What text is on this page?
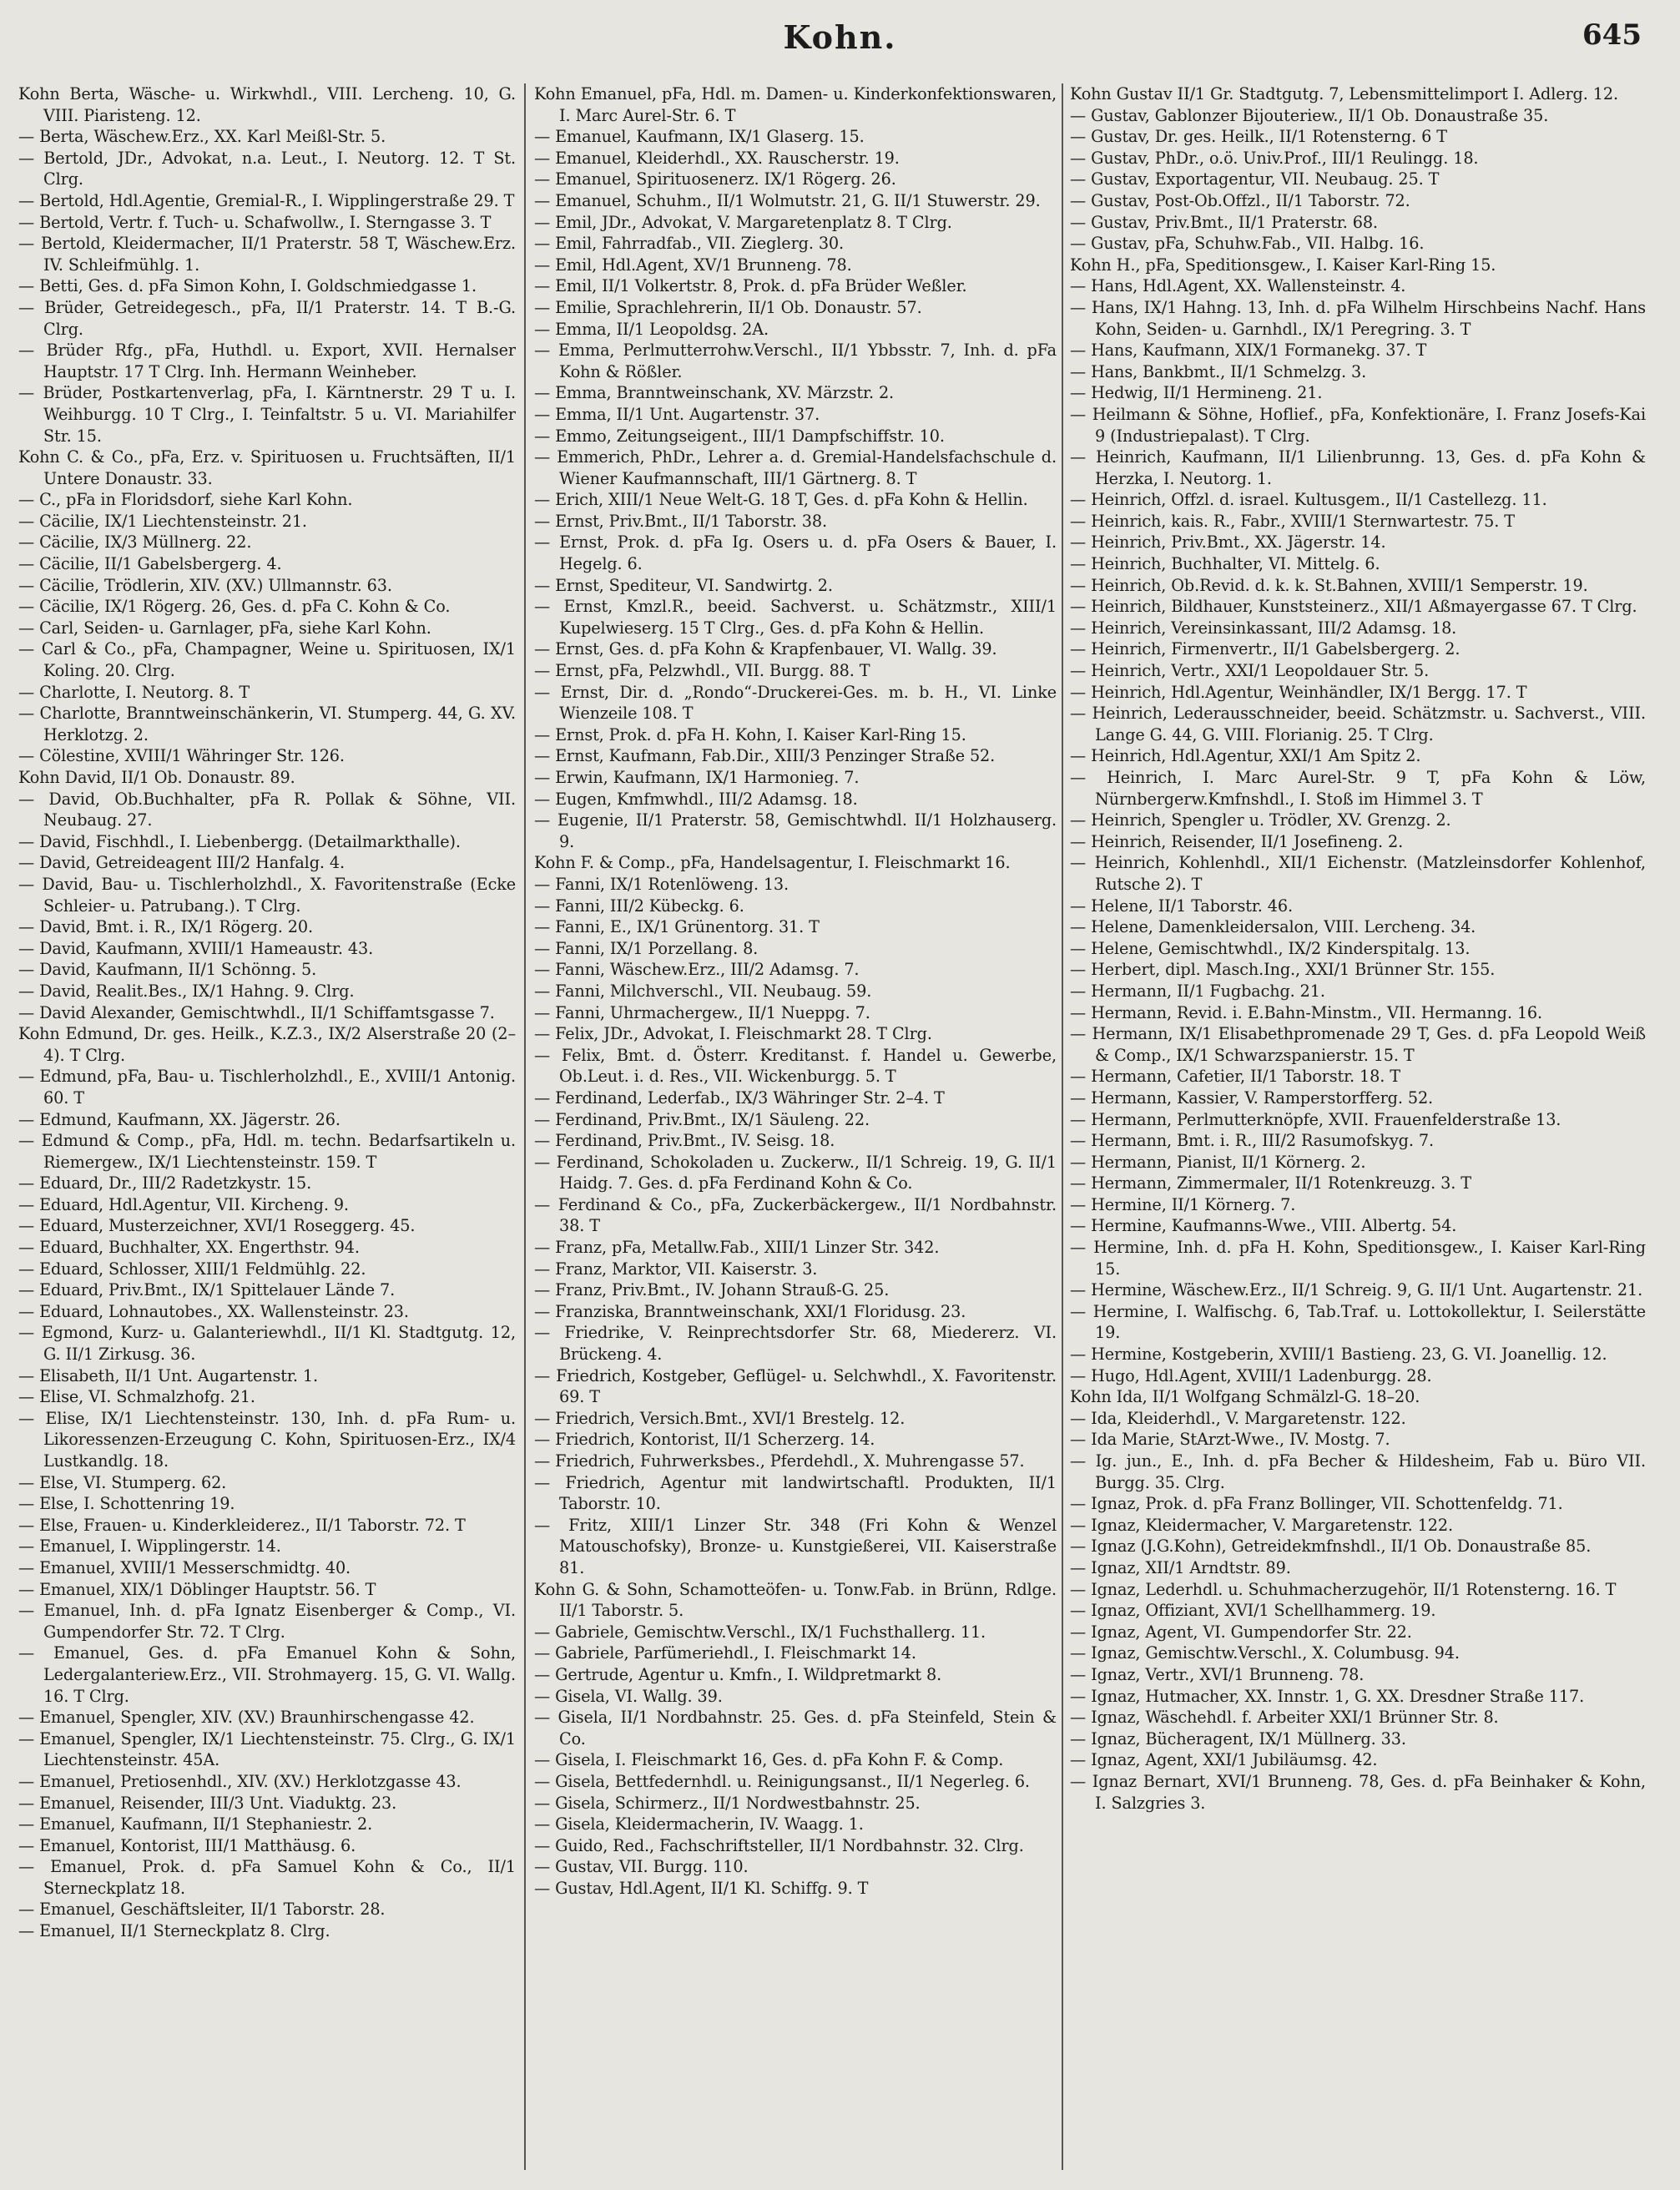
Kohn.	645

Kohn Berta, Wäsche- u. Wirkwhdl., VIII. Lercheng. 10, G. VIII. Piaristeng. 12.

— Berta, Wäschew.Erz., XX. Karl Meißl-Str. 5.

— Bertold, JDr., Advokat, n.a. Leut., I. Neutorg. 12. T St. Clrg.

— Bertold, Hdl.Agentie, Gremial-R., I. Wipplingerstraße 29. T

— Bertold, Vertr. f. Tuch- u. Schafwollw., I. Sterngasse 3. T

— Bertold, Kleidermacher, II/1 Praterstr. 58 T, Wäschew.Erz. IV. Schleifmühlg. 1.

— Betti, Ges. d. pFa Simon Kohn, I. Goldschmiedgasse 1.

— Brüder, Getreidegesch., pFa, II/1 Praterstr. 14. T B.-G. Clrg.

— Brüder Rfg., pFa, Huthdl. u. Export, XVII. Hernalser Hauptstr. 17 T Clrg. Inh. Hermann Weinheber.

— Brüder, Postkartenverlag, pFa, I. Kärntnerstr. 29 T u. I. Weihburgg. 10 T Clrg., I. Teinfaltstr. 5 u. VI. Mariahilfer Str. 15.

Kohn C. & Co., pFa, Erz. v. Spirituosen u. Fruchtsäften, II/1 Untere Donaustr. 33.

— C., pFa in Floridsdorf, siehe Karl Kohn.

— Cäcilie, IX/1 Liechtensteinstr. 21.

— Cäcilie, IX/3 Müllnerg. 22.

— Cäcilie, II/1 Gabelsbergerg. 4.

— Cäcilie, Trödlerin, XIV. (XV.) Ullmannstr. 63.

— Cäcilie, IX/1 Rögerg. 26, Ges. d. pFa C. Kohn & Co.

— Carl, Seiden- u. Garnlager, pFa, siehe Karl Kohn.

— Carl & Co., pFa, Champagner, Weine u. Spirituosen, IX/1 Koling. 20. Clrg.

— Charlotte, I. Neutorg. 8. T

— Charlotte, Branntweinschänkerin, VI. Stumperg. 44, G. XV. Herklotzg. 2.

— Cölestine, XVIII/1 Währinger Str. 126.

Kohn David, II/1 Ob. Donaustr. 89.

— David, Ob.Buchhalter, pFa R. Pollak & Söhne, VII. Neubaug. 27.

— David, Fischhdl., I. Liebenbergg. (Detailmarkthalle).

— David, Getreideagent III/2 Hanfalg. 4.

— David, Bau- u. Tischlerholzhdl., X. Favoritenstraße (Ecke Schleier- u. Patrubang.). T Clrg.

— David, Bmt. i. R., IX/1 Rögerg. 20.

— David, Kaufmann, XVIII/1 Hameaustr. 43.

— David, Kaufmann, II/1 Schönng. 5.

— David, Realit.Bes., IX/1 Hahng. 9. Clrg.

— David Alexander, Gemischtwhdl., II/1 Schiffamtsgasse 7.

Kohn Edmund, Dr. ges. Heilk., K.Z.3., IX/2 Alserstraße 20 (2–4). T Clrg.

— Edmund, pFa, Bau- u. Tischlerholzhdl., E., XVIII/1 Antonig. 60. T

— Edmund, Kaufmann, XX. Jägerstr. 26.

— Edmund & Comp., pFa, Hdl. m. techn. Bedarfsartikeln u. Riemergew., IX/1 Liechtensteinstr. 159. T

— Eduard, Dr., III/2 Radetzkystr. 15.

— Eduard, Hdl.Agentur, VII. Kircheng. 9.

— Eduard, Musterzeichner, XVI/1 Roseggerg. 45.

— Eduard, Buchhalter, XX. Engerthstr. 94.

— Eduard, Schlosser, XIII/1 Feldmühlg. 22.

— Eduard, Priv.Bmt., IX/1 Spittelauer Lände 7.

— Eduard, Lohnautobes., XX. Wallensteinstr. 23.

— Egmond, Kurz- u. Galanteriewhdl., II/1 Kl. Stadtgutg. 12, G. II/1 Zirkusg. 36.

— Elisabeth, II/1 Unt. Augartenstr. 1.

— Elise, VI. Schmalzhofg. 21.

— Elise, IX/1 Liechtensteinstr. 130, Inh. d. pFa Rum- u. Likoressenzen-Erzeugung C. Kohn, Spirituosen-Erz., IX/4 Lustkandlg. 18.

— Else, VI. Stumperg. 62.

— Else, I. Schottenring 19.

— Else, Frauen- u. Kinderkleiderez., II/1 Taborstr. 72. T

— Emanuel, I. Wipplingerstr. 14.

— Emanuel, XVIII/1 Messerschmidtg. 40.

— Emanuel, XIX/1 Döblinger Hauptstr. 56. T

— Emanuel, Inh. d. pFa Ignatz Eisenberger & Comp., VI. Gumpendorfer Str. 72. T Clrg.

— Emanuel, Ges. d. pFa Emanuel Kohn & Sohn, Ledergalanteriew.Erz., VII. Strohmayerg. 15, G. VI. Wallg. 16. T Clrg.

— Emanuel, Spengler, XIV. (XV.) Braunhirschengasse 42.

— Emanuel, Spengler, IX/1 Liechtensteinstr. 75. Clrg., G. IX/1 Liechtensteinstr. 45A.

— Emanuel, Pretiosenhdl., XIV. (XV.) Herklotzgasse 43.

— Emanuel, Reisender, III/3 Unt. Viaduktg. 23.

— Emanuel, Kaufmann, II/1 Stephaniestr. 2.

— Emanuel, Kontorist, III/1 Matthäusg. 6.

— Emanuel, Prok. d. pFa Samuel Kohn & Co., II/1 Sterneckplatz 18.

— Emanuel, Geschäftsleiter, II/1 Taborstr. 28.

— Emanuel, II/1 Sterneckplatz 8. Clrg.

Kohn Emanuel, pFa, Hdl. m. Damen- u. Kinderkonfektionswaren, I. Marc Aurel-Str. 6. T

— Emanuel, Kaufmann, IX/1 Glaserg. 15.

— Emanuel, Kleiderhdl., XX. Rauscherstr. 19.

— Emanuel, Spirituosenerz. IX/1 Rögerg. 26.

— Emanuel, Schuhm., II/1 Wolmutstr. 21, G. II/1 Stuwerstr. 29.

— Emil, JDr., Advokat, V. Margaretenplatz 8. T Clrg.

— Emil, Fahrradfab., VII. Zieglerg. 30.

— Emil, Hdl.Agent, XV/1 Brunneng. 78.

— Emil, II/1 Volkertstr. 8, Prok. d. pFa Brüder Weßler.

— Emilie, Sprachlehrerin, II/1 Ob. Donaustr. 57.

— Emma, II/1 Leopoldsg. 2A.

— Emma, Perlmutterrohw.Verschl., II/1 Ybbsstr. 7, Inh. d. pFa Kohn & Rößler.

— Emma, Branntweinschank, XV. Märzstr. 2.

— Emma, II/1 Unt. Augartenstr. 37.

— Emmo, Zeitungseigent., III/1 Dampfschiffstr. 10.

— Emmerich, PhDr., Lehrer a. d. Gremial-Handelsfachschule d. Wiener Kaufmannschaft, III/1 Gärtnerg. 8. T

— Erich, XIII/1 Neue Welt-G. 18 T, Ges. d. pFa Kohn & Hellin.

— Ernst, Priv.Bmt., II/1 Taborstr. 38.

— Ernst, Prok. d. pFa Ig. Osers u. d. pFa Osers & Bauer, I. Hegelg. 6.

— Ernst, Spediteur, VI. Sandwirtg. 2.

— Ernst, Kmzl.R., beeid. Sachverst. u. Schätzmstr., XIII/1 Kupelwieserg. 15 T Clrg., Ges. d. pFa Kohn & Hellin.

— Ernst, Ges. d. pFa Kohn & Krapfenbauer, VI. Wallg. 39.

— Ernst, pFa, Pelzwhdl., VII. Burgg. 88. T

— Ernst, Dir. d. „Rondo“-Druckerei-Ges. m. b. H., VI. Linke Wienzeile 108. T

— Ernst, Prok. d. pFa H. Kohn, I. Kaiser Karl-Ring 15.

— Ernst, Kaufmann, Fab.Dir., XIII/3 Penzinger Straße 52.

— Erwin, Kaufmann, IX/1 Harmonieg. 7.

— Eugen, Kmfmwhdl., III/2 Adamsg. 18.

— Eugenie, II/1 Praterstr. 58, Gemischtwhdl. II/1 Holzhauserg. 9.

Kohn F. & Comp., pFa, Handelsagentur, I. Fleischmarkt 16.

— Fanni, IX/1 Rotenlöweng. 13.

— Fanni, III/2 Kübeckg. 6.

— Fanni, E., IX/1 Grünentorg. 31. T

— Fanni, IX/1 Porzellang. 8.

— Fanni, Wäschew.Erz., III/2 Adamsg. 7.

— Fanni, Milchverschl., VII. Neubaug. 59.

— Fanni, Uhrmachergew., II/1 Nueppg. 7.

— Felix, JDr., Advokat, I. Fleischmarkt 28. T Clrg.

— Felix, Bmt. d. Österr. Kreditanst. f. Handel u. Gewerbe, Ob.Leut. i. d. Res., VII. Wickenburgg. 5. T

— Ferdinand, Lederfab., IX/3 Währinger Str. 2–4. T

— Ferdinand, Priv.Bmt., IX/1 Säuleng. 22.

— Ferdinand, Priv.Bmt., IV. Seisg. 18.

— Ferdinand, Schokoladen u. Zuckerw., II/1 Schreig. 19, G. II/1 Haidg. 7. Ges. d. pFa Ferdinand Kohn & Co.

— Ferdinand & Co., pFa, Zuckerbäckergew., II/1 Nordbahnstr. 38. T

— Franz, pFa, Metallw.Fab., XIII/1 Linzer Str. 342.

— Franz, Marktor, VII. Kaiserstr. 3.

— Franz, Priv.Bmt., IV. Johann Strauß-G. 25.

— Franziska, Branntweinschank, XXI/1 Floridusg. 23.

— Friedrike, V. Reinprechtsdorfer Str. 68, Miedererz. VI. Brückeng. 4.

— Friedrich, Kostgeber, Geflügel- u. Selchwhdl., X. Favoritenstr. 69. T

— Friedrich, Versich.Bmt., XVI/1 Brestelg. 12.

— Friedrich, Kontorist, II/1 Scherzerg. 14.

— Friedrich, Fuhrwerksbes., Pferdehdl., X. Muhrengasse 57.

— Friedrich, Agentur mit landwirtschaftl. Produkten, II/1 Taborstr. 10.

— Fritz, XIII/1 Linzer Str. 348 (Fri Kohn & Wenzel Matouschofsky), Bronze- u. Kunstgießerei, VII. Kaiserstraße 81.

Kohn G. & Sohn, Schamotteöfen- u. Tonw.Fab. in Brünn, Rdlge. II/1 Taborstr. 5.

— Gabriele, Gemischtw.Verschl., IX/1 Fuchsthallerg. 11.

— Gabriele, Parfümeriehdl., I. Fleischmarkt 14.

— Gertrude, Agentur u. Kmfn., I. Wildpretmarkt 8.

— Gisela, VI. Wallg. 39.

— Gisela, II/1 Nordbahnstr. 25. Ges. d. pFa Steinfeld, Stein & Co.

— Gisela, I. Fleischmarkt 16, Ges. d. pFa Kohn F. & Comp.

— Gisela, Bettfedernhdl. u. Reinigungsanst., II/1 Negerleg. 6.

— Gisela, Schirmerz., II/1 Nordwestbahnstr. 25.

— Gisela, Kleidermacherin, IV. Waagg. 1.

— Guido, Red., Fachschriftsteller, II/1 Nordbahnstr. 32. Clrg.

— Gustav, VII. Burgg. 110.

— Gustav, Hdl.Agent, II/1 Kl. Schiffg. 9. T

Kohn Gustav II/1 Gr. Stadtgutg. 7, Lebensmittelimport I. Adlerg. 12.

— Gustav, Gablonzer Bijouteriew., II/1 Ob. Donaustraße 35.

— Gustav, Dr. ges. Heilk., II/1 Rotensterng. 6 T

— Gustav, PhDr., o.ö. Univ.Prof., III/1 Reulingg. 18.

— Gustav, Exportagentur, VII. Neubaug. 25. T

— Gustav, Post-Ob.Offzl., II/1 Taborstr. 72.

— Gustav, Priv.Bmt., II/1 Praterstr. 68.

— Gustav, pFa, Schuhw.Fab., VII. Halbg. 16.

Kohn H., pFa, Speditionsgew., I. Kaiser Karl-Ring 15.

— Hans, Hdl.Agent, XX. Wallensteinstr. 4.

— Hans, IX/1 Hahng. 13, Inh. d. pFa Wilhelm Hirschbeins Nachf. Hans Kohn, Seiden- u. Garnhdl., IX/1 Peregring. 3. T

— Hans, Kaufmann, XIX/1 Formanekg. 37. T

— Hans, Bankbmt., II/1 Schmelzg. 3.

— Hedwig, II/1 Hermineng. 21.

— Heilmann & Söhne, Hoflief., pFa, Konfektionäre, I. Franz Josefs-Kai 9 (Industriepalast). T Clrg.

— Heinrich, Kaufmann, II/1 Lilienbrunng. 13, Ges. d. pFa Kohn & Herzka, I. Neutorg. 1.

— Heinrich, Offzl. d. israel. Kultusgem., II/1 Castellezg. 11.

— Heinrich, kais. R., Fabr., XVIII/1 Sternwartestr. 75. T

— Heinrich, Priv.Bmt., XX. Jägerstr. 14.

— Heinrich, Buchhalter, VI. Mittelg. 6.

— Heinrich, Ob.Revid. d. k. k. St.Bahnen, XVIII/1 Semperstr. 19.

— Heinrich, Bildhauer, Kunststeinerz., XII/1 Aßmayergasse 67. T Clrg.

— Heinrich, Vereinsinkassant, III/2 Adamsg. 18.

— Heinrich, Firmenvertr., II/1 Gabelsbergerg. 2.

— Heinrich, Vertr., XXI/1 Leopoldauer Str. 5.

— Heinrich, Hdl.Agentur, Weinhändler, IX/1 Bergg. 17. T

— Heinrich, Lederausschneider, beeid. Schätzmstr. u. Sachverst., VIII. Lange G. 44, G. VIII. Florianig. 25. T Clrg.

— Heinrich, Hdl.Agentur, XXI/1 Am Spitz 2.

— Heinrich, I. Marc Aurel-Str. 9 T, pFa Kohn & Löw, Nürnbergerw.Kmfnshdl., I. Stoß im Himmel 3. T

— Heinrich, Spengler u. Trödler, XV. Grenzg. 2.

— Heinrich, Reisender, II/1 Josefineng. 2.

— Heinrich, Kohlenhdl., XII/1 Eichenstr. (Matzleinsdorfer Kohlenhof, Rutsche 2). T

— Helene, II/1 Taborstr. 46.

— Helene, Damenkleidersalon, VIII. Lercheng. 34.

— Helene, Gemischtwhdl., IX/2 Kinderspitalg. 13.

— Herbert, dipl. Masch.Ing., XXI/1 Brünner Str. 155.

— Hermann, II/1 Fugbachg. 21.

— Hermann, Revid. i. E.Bahn-Minstm., VII. Hermanng. 16.

— Hermann, IX/1 Elisabethpromenade 29 T, Ges. d. pFa Leopold Weiß & Comp., IX/1 Schwarzspanierstr. 15. T

— Hermann, Cafetier, II/1 Taborstr. 18. T

— Hermann, Kassier, V. Ramperstorfferg. 52.

— Hermann, Perlmutterknöpfe, XVII. Frauenfelderstraße 13.

— Hermann, Bmt. i. R., III/2 Rasumofskyg. 7.

— Hermann, Pianist, II/1 Körnerg. 2.

— Hermann, Zimmermaler, II/1 Rotenkreuzg. 3. T

— Hermine, II/1 Körnerg. 7.

— Hermine, Kaufmanns-Wwe., VIII. Albertg. 54.

— Hermine, Inh. d. pFa H. Kohn, Speditionsgew., I. Kaiser Karl-Ring 15.

— Hermine, Wäschew.Erz., II/1 Schreig. 9, G. II/1 Unt. Augartenstr. 21.

— Hermine, I. Walfischg. 6, Tab.Traf. u. Lottokollektur, I. Seilerstätte 19.

— Hermine, Kostgeberin, XVIII/1 Bastieng. 23, G. VI. Joanellig. 12.

— Hugo, Hdl.Agent, XVIII/1 Ladenburgg. 28.

Kohn Ida, II/1 Wolfgang Schmälzl-G. 18–20.

— Ida, Kleiderhdl., V. Margaretenstr. 122.

— Ida Marie, StArzt-Wwe., IV. Mostg. 7.

— Ig. jun., E., Inh. d. pFa Becher & Hildesheim, Fab u. Büro VII. Burgg. 35. Clrg.

— Ignaz, Prok. d. pFa Franz Bollinger, VII. Schottenfeldg. 71.

— Ignaz, Kleidermacher, V. Margaretenstr. 122.

— Ignaz (J.G.Kohn), Getreidekmfnshdl., II/1 Ob. Donaustraße 85.

— Ignaz, XII/1 Arndtstr. 89.

— Ignaz, Lederhdl. u. Schuhmacherzugehör, II/1 Rotensterng. 16. T

— Ignaz, Offiziant, XVI/1 Schellhammerg. 19.

— Ignaz, Agent, VI. Gumpendorfer Str. 22.

— Ignaz, Gemischtw.Verschl., X. Columbusg. 94.

— Ignaz, Vertr., XVI/1 Brunneng. 78.

— Ignaz, Hutmacher, XX. Innstr. 1, G. XX. Dresdner Straße 117.

— Ignaz, Wäschehdl. f. Arbeiter XXI/1 Brünner Str. 8.

— Ignaz, Bücheragent, IX/1 Müllnerg. 33.

— Ignaz, Agent, XXI/1 Jubiläumsg. 42.

— Ignaz Bernart, XVI/1 Brunneng. 78, Ges. d. pFa Beinhaker & Kohn, I. Salzgries 3.
